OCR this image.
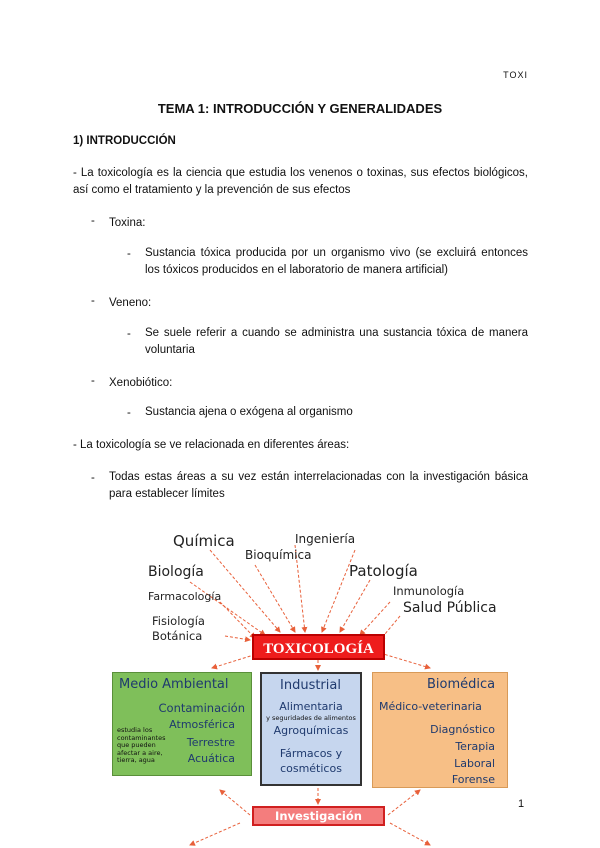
TOXI
TEMA 1: INTRODUCCIÓN Y GENERALIDADES
1) INTRODUCCIÓN
- La toxicología es la ciencia que estudia los venenos o toxinas, sus efectos biológicos, así como el tratamiento y la prevención de sus efectos
- Toxina:
- Sustancia tóxica producida por un organismo vivo (se excluirá entonces los tóxicos producidos en el laboratorio de manera artificial)
- Veneno:
- Se suele referir a cuando se administra una sustancia tóxica de manera voluntaria
- Xenobiótico:
- Sustancia ajena o exógena al organismo
- La toxicología se ve relacionada en diferentes áreas:
- Todas estas áreas a su vez están interrelacionadas con la investigación básica para establecer límites
Química	Ingeniería
Bioquímica
Biología	Patología
Farmacología	Inmunología
Salud Pública
Fisiología
Botánica
TOXICOLOGÍA
Medio Ambiental
Contaminación
Atmosférica
Terrestre
Acuática
estudia los contaminantes que pueden afectar a aire, tierra, agua
Industrial
Alimentaria
y seguridades de alimentos
Agroquímicas
Fármacos y
cosméticos
Biomédica
Médico-veterinaria
Diagnóstico
Terapia
Laboral
Forense
Investigación básica
1
